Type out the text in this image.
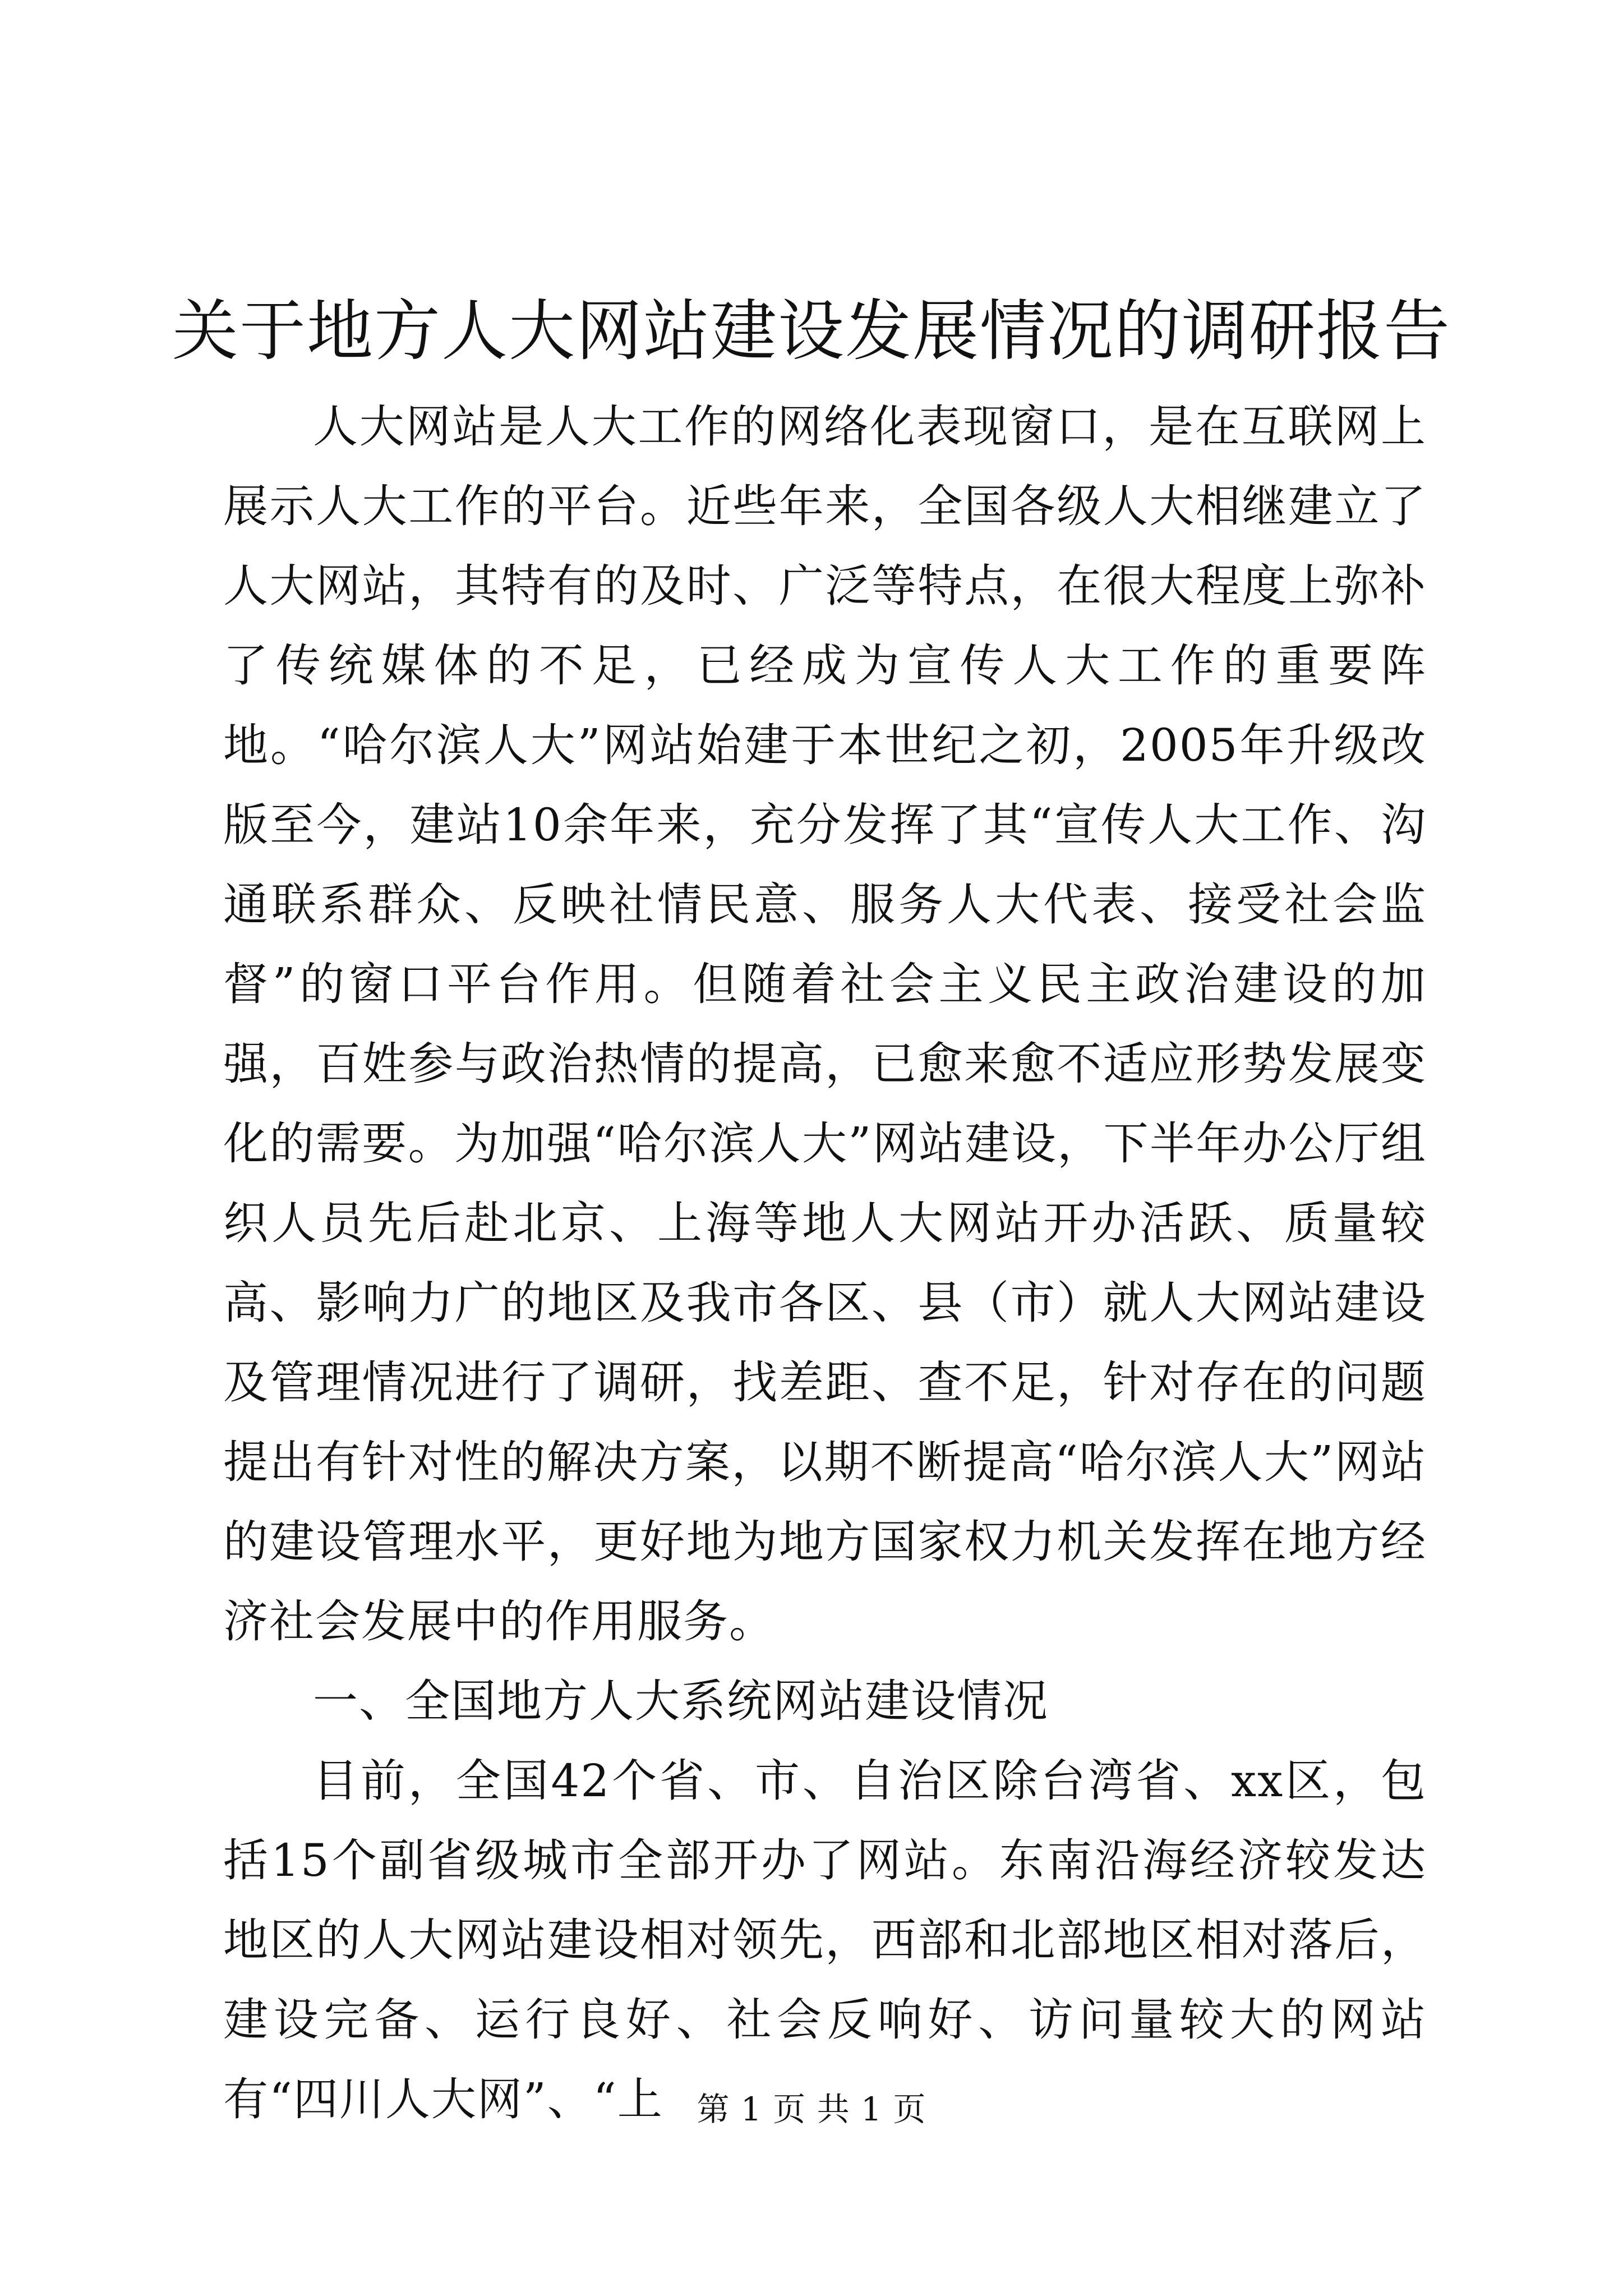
关于地方人大网站建设发展情况的调研报告

人大网站是人大工作的网络化表现窗口，是在互联网上展示人大工作的平台。近些年来，全国各级人大相继建立了人大网站，其特有的及时、广泛等特点，在很大程度上弥补了传统媒体的不足，已经成为宣传人大工作的重要阵地。“哈尔滨人大”网站始建于本世纪之初，2005年升级改版至今，建站10余年来，充分发挥了其“宣传人大工作、沟通联系群众、反映社情民意、服务人大代表、接受社会监督”的窗口平台作用。但随着社会主义民主政治建设的加强，百姓参与政治热情的提高，已愈来愈不适应形势发展变化的需要。为加强“哈尔滨人大”网站建设，下半年办公厅组织人员先后赴北京、上海等地人大网站开办活跃、质量较高、影响力广的地区及我市各区、县（市）就人大网站建设及管理情况进行了调研，找差距、查不足，针对存在的问题提出有针对性的解决方案，以期不断提高“哈尔滨人大”网站的建设管理水平，更好地为地方国家权力机关发挥在地方经济社会发展中的作用服务。

一、全国地方人大系统网站建设情况

目前，全国42个省、市、自治区除台湾省、xx区，包括15个副省级城市全部开办了网站。东南沿海经济较发达地区的人大网站建设相对领先，西部和北部地区相对落后，建设完备、运行良好、社会反响好、访问量较大的网站有“四川人大网”、“上	第 1 页 共 1 页
